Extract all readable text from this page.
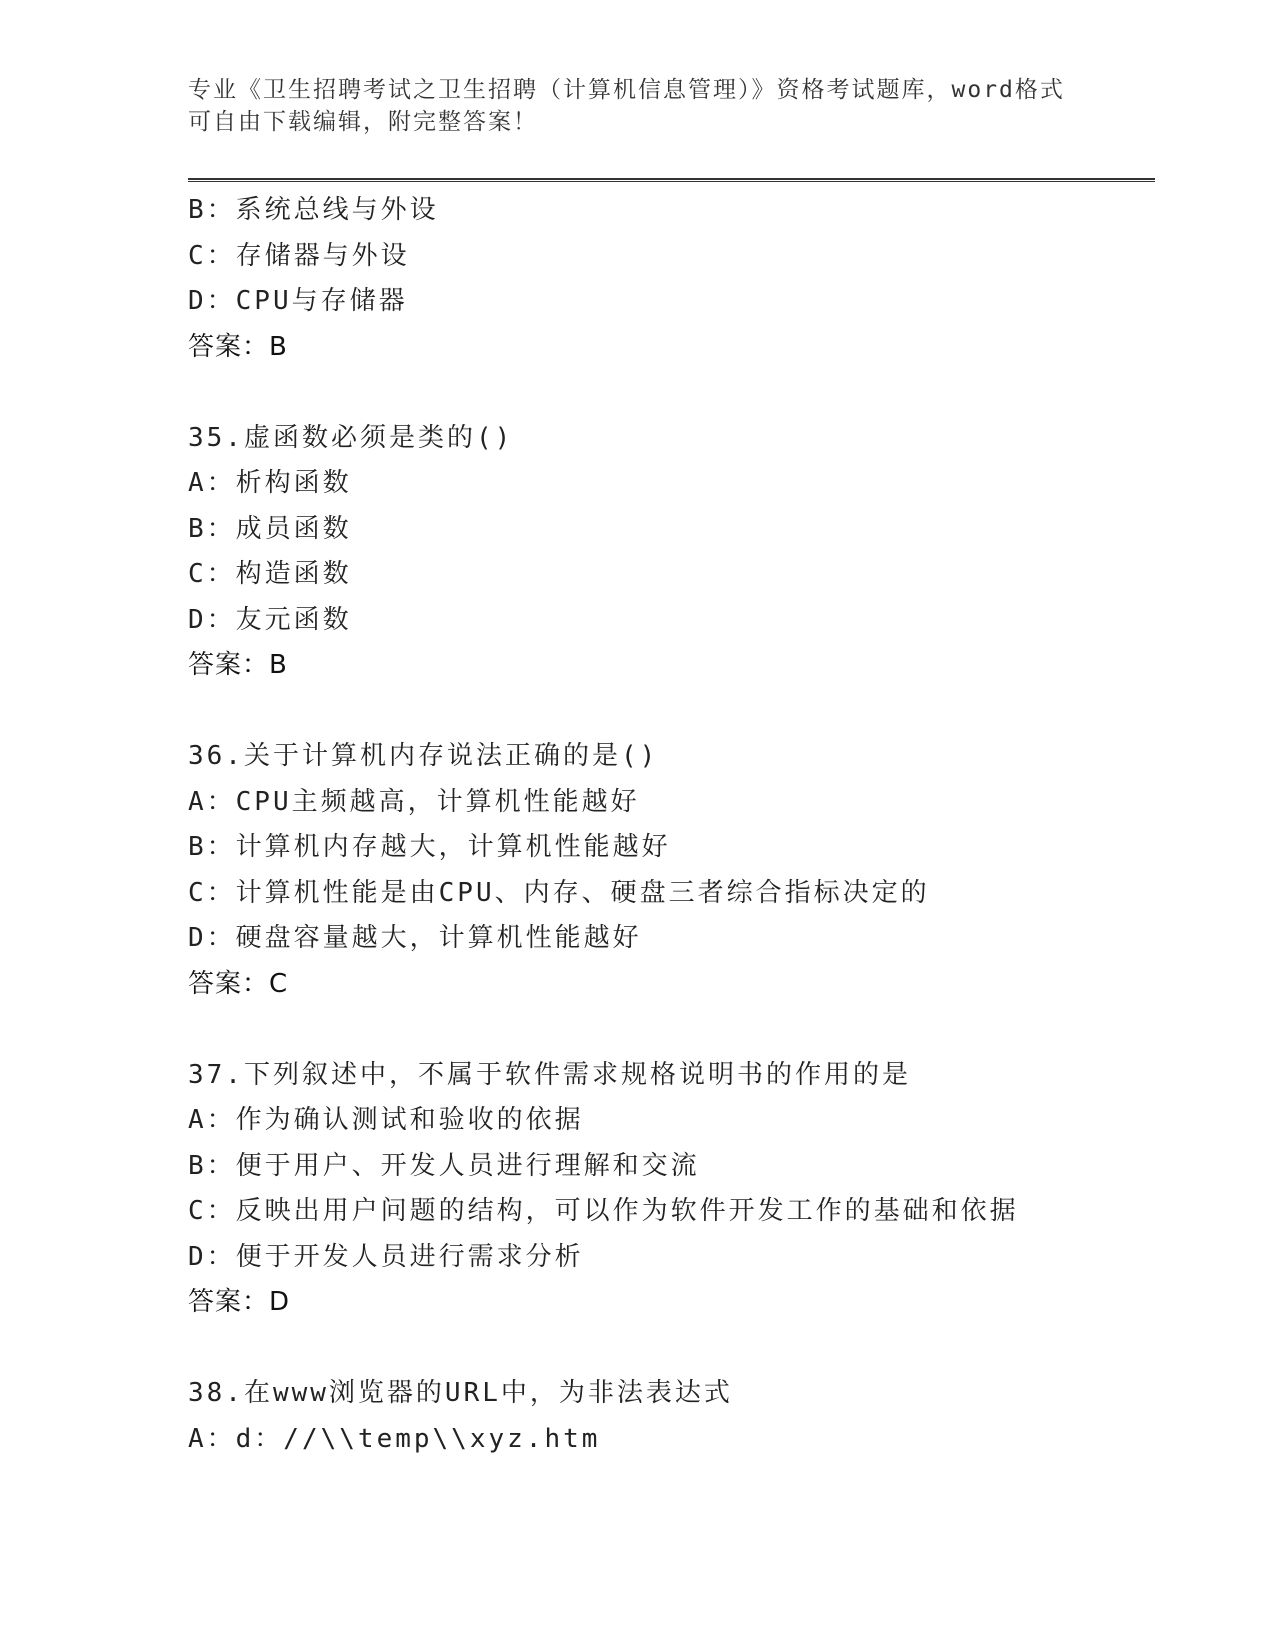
专业《卫生招聘考试之卫生招聘（计算机信息管理）》资格考试题库，word格式
可自由下载编辑，附完整答案！
B：系统总线与外设
C：存储器与外设
D：CPU与存储器
答案：B
35.虚函数必须是类的()
A：析构函数
B：成员函数
C：构造函数
D：友元函数
答案：B
36.关于计算机内存说法正确的是()
A：CPU主频越高，计算机性能越好
B：计算机内存越大，计算机性能越好
C：计算机性能是由CPU、内存、硬盘三者综合指标决定的
D：硬盘容量越大，计算机性能越好
答案：C
37.下列叙述中，不属于软件需求规格说明书的作用的是
A：作为确认测试和验收的依据
B：便于用户、开发人员进行理解和交流
C：反映出用户问题的结构，可以作为软件开发工作的基础和依据
D：便于开发人员进行需求分析
答案：D
38.在www浏览器的URL中，为非法表达式
A：d：//\\temp\\xyz.htm
